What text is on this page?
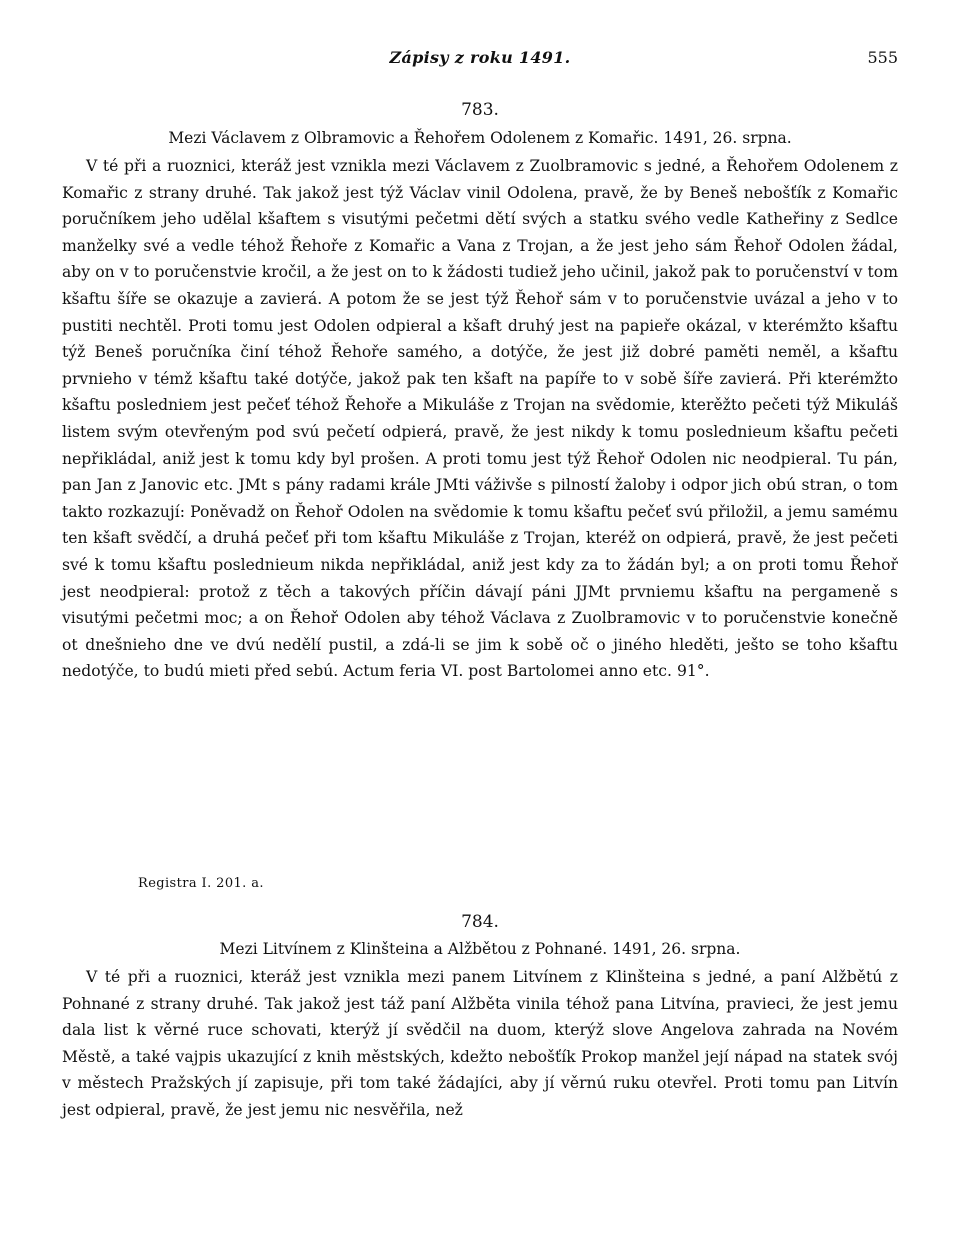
Zápisy z roku 1491.	555
783.
Mezi Václavem z Olbramovic a Řehořem Odolenem z Komařic. 1491, 26. srpna.

V té při a ruoznici, kteráž jest vznikla mezi Václavem z Zuolbramovic s jedné, a Řehořem Odolenem z Komařic z strany druhé. Tak jakož jest týž Václav vinil Odolena, pravě, že by Beneš nebošťík z Komařic poručníkem jeho udělal kšaftem s visutými pečetmi dětí svých a statku svého vedle Katheřiny z Sedlce manželky své a vedle téhož Řehoře z Komařic a Vana z Trojan, a že jest jeho sám Řehoř Odolen žádal, aby on v to poručenstvie kročil, a že jest on to k žádosti tudiež jeho učinil, jakož pak to poručenství v tom kšaftu šíře se okazuje a zavierá. A potom že se jest týž Řehoř sám v to poručenstvie uvázal a jeho v to pustiti nechtěl. Proti tomu jest Odolen odpieral a kšaft druhý jest na papieře okázal, v kterémžto kšaftu týž Beneš poručníka činí téhož Řehoře samého, a dotýče, že jest již dobré paměti neměl, a kšaftu prvnieho v témž kšaftu také dotýče, jakož pak ten kšaft na papíře to v sobě šíře zavierá. Při kterémžto kšaftu posledniem jest pečeť téhož Řehoře a Mikuláše z Trojan na svědomie, kterěžto pečeti týž Mikuláš listem svým otevřeným pod svú pečetí odpierá, pravě, že jest nikdy k tomu poslednieum kšaftu pečeti nepřikládal, aniž jest k tomu kdy byl prošen. A proti tomu jest týž Řehoř Odolen nic neodpieral. Tu pán, pan Jan z Janovic etc. JMt s pány radami krále JMti váživše s pilností žaloby i odpor jich obú stran, o tom takto rozkazují: Poněvadž on Řehoř Odolen na svědomie k tomu kšaftu pečeť svú přiložil, a jemu samému ten kšaft svědčí, a druhá pečeť při tom kšaftu Mikuláše z Trojan, kteréž on odpierá, pravě, že jest pečeti své k tomu kšaftu poslednieum nikda nepřikládal, aniž jest kdy za to žádán byl; a on proti tomu Řehoř jest neodpieral: protož z těch a takových příčin dávají páni JJMt prvniemu kšaftu na pergameně s visutými pečetmi moc; a on Řehoř Odolen aby téhož Václava z Zuolbramovic v to poručenstvie konečně ot dnešnieho dne ve dvú nedělí pustil, a zdá-li se jim k sobě oč o jiného hleděti, ješto se toho kšaftu nedotýče, to budú mieti před sebú. Actum feria VI. post Bartolomei anno etc. 91°.

Registra I. 201. a.
784.
Mezi Litvínem z Klinšteina a Alžbětou z Pohnané. 1491, 26. srpna.

V té při a ruoznici, kteráž jest vznikla mezi panem Litvínem z Klinšteina s jedné, a paní Alžbětú z Pohnané z strany druhé. Tak jakož jest táž paní Alžběta vinila téhož pana Litvína, pravieci, že jest jemu dala list k věrné ruce schovati, kterýž jí svědčil na duom, kterýž slove Angelova zahrada na Novém Městě, a také vajpis ukazující z knih městských, kdežto nebošťík Prokop manžel její nápad na statek svój v městech Pražských jí zapisuje, při tom také žádajíci, aby jí věrnú ruku otevřel. Proti tomu pan Litvín jest odpieral, pravě, že jest jemu nic nesvěřila, než
